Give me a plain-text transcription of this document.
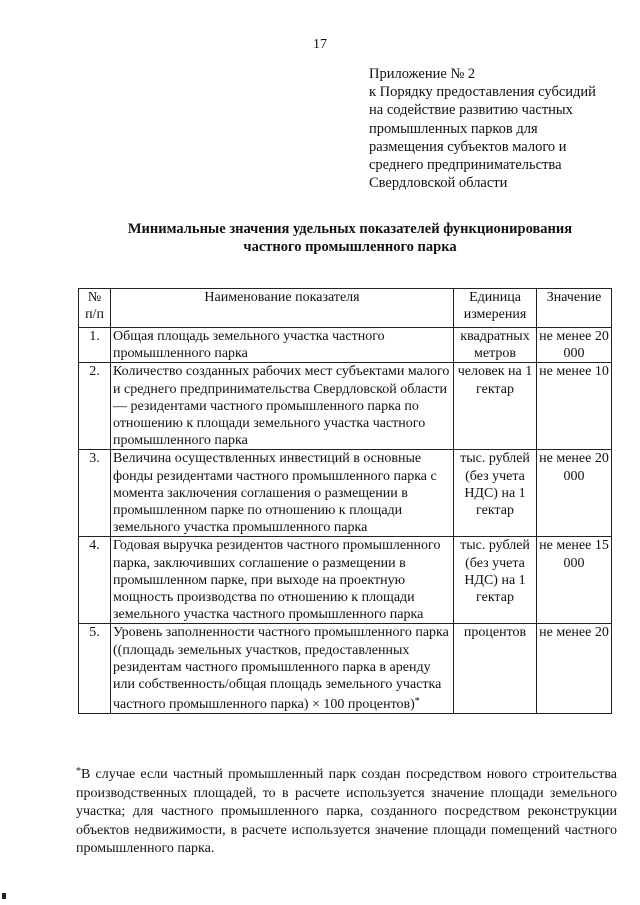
17
Приложение № 2
к Порядку предоставления субсидий
на содействие развитию частных
промышленных парков для
размещения субъектов малого и
среднего предпринимательства
Свердловской области
Минимальные значения удельных показателей функционирования
частного промышленного парка
№ п/п	Наименование показателя	Единица измерения	Значение
1.	Общая площадь земельного участка частного промышленного парка	квадратных метров	не менее 20 000
2.	Количество созданных рабочих мест субъектами малого и среднего предпринимательства Свердловской области — резидентами частного промышленного парка по отношению к площади земельного участка частного промышленного парка	человек на 1 гектар	не менее 10
3.	Величина осуществленных инвестиций в основные фонды резидентами частного промышленного парка с момента заключения соглашения о размещении в промышленном парке по отношению к площади земельного участка промышленного парка	тыс. рублей (без учета НДС) на 1 гектар	не менее 20 000
4.	Годовая выручка резидентов частного промышленного парка, заключивших соглашение о размещении в промышленном парке, при выходе на проектную мощность производства по отношению к площади земельного участка частного промышленного парка	тыс. рублей (без учета НДС) на 1 гектар	не менее 15 000
5.	Уровень заполненности частного промышленного парка ((площадь земельных участков, предоставленных резидентам частного промышленного парка в аренду или собственность/общая площадь земельного участка частного промышленного парка) × 100 процентов)*	процентов	не менее 20
*В случае если частный промышленный парк создан посредством нового строительства производственных площадей, то в расчете используется значение площади земельного участка; для частного промышленного парка, созданного посредством реконструкции объектов недвижимости, в расчете используется значение площади помещений частного промышленного парка.
